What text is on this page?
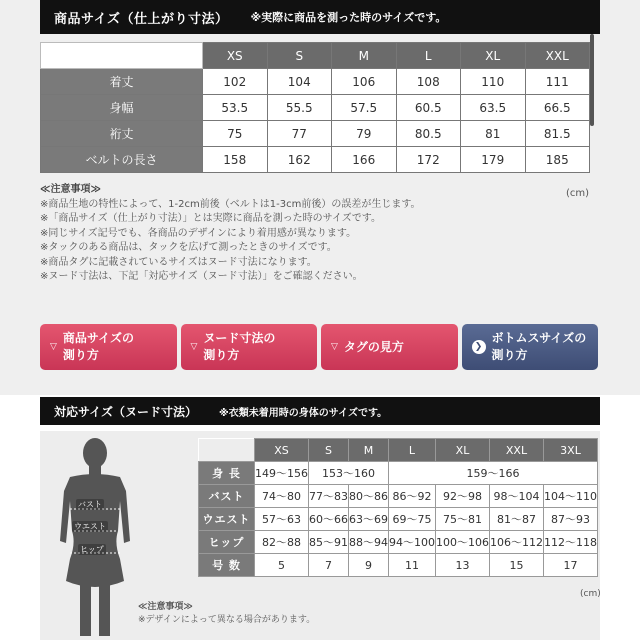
商品サイズ（仕上がり寸法） ※実際に商品を測った時のサイズです。
	XS	S	M	L	XL	XXL
着丈	102	104	106	108	110	111
身幅	53.5	55.5	57.5	60.5	63.5	66.5
裄丈	75	77	79	80.5	81	81.5
ベルトの長さ	158	162	166	172	179	185
(cm)
≪注意事項≫
※商品生地の特性によって、1-2cm前後（ベルトは1-3cm前後）の誤差が生じます。
※「商品サイズ（仕上がり寸法）」とは実際に商品を測った時のサイズです。
※同じサイズ記号でも、各商品のデザインにより着用感が異なります。
※タックのある商品は、タックを広げて測ったときのサイズです。
※商品タグに記載されているサイズはヌード寸法になります。
※ヌード寸法は、下記「対応サイズ（ヌード寸法）」をご確認ください。
▽
商品サイズの
測り方
▽
ヌード寸法の
測り方
▽ タグの見方	❯
ボトムスサイズの
測り方
対応サイズ（ヌード寸法） ※衣類未着用時の身体のサイズです。
バスト
ウエスト
ヒップ
	XS	S	M	L	XL	XXL	3XL
身 長	149〜156	153〜160		159〜166			
バスト	74〜80	77〜83	80〜86	86〜92	92〜98	98〜104	104〜110
ウエスト	57〜63	60〜66	63〜69	69〜75	75〜81	81〜87	87〜93
ヒップ	82〜88	85〜91	88〜94	94〜100	100〜106	106〜112	112〜118
号 数	5	7	9	11	13	15	17
(cm)
≪注意事項≫
※デザインによって異なる場合があります。
